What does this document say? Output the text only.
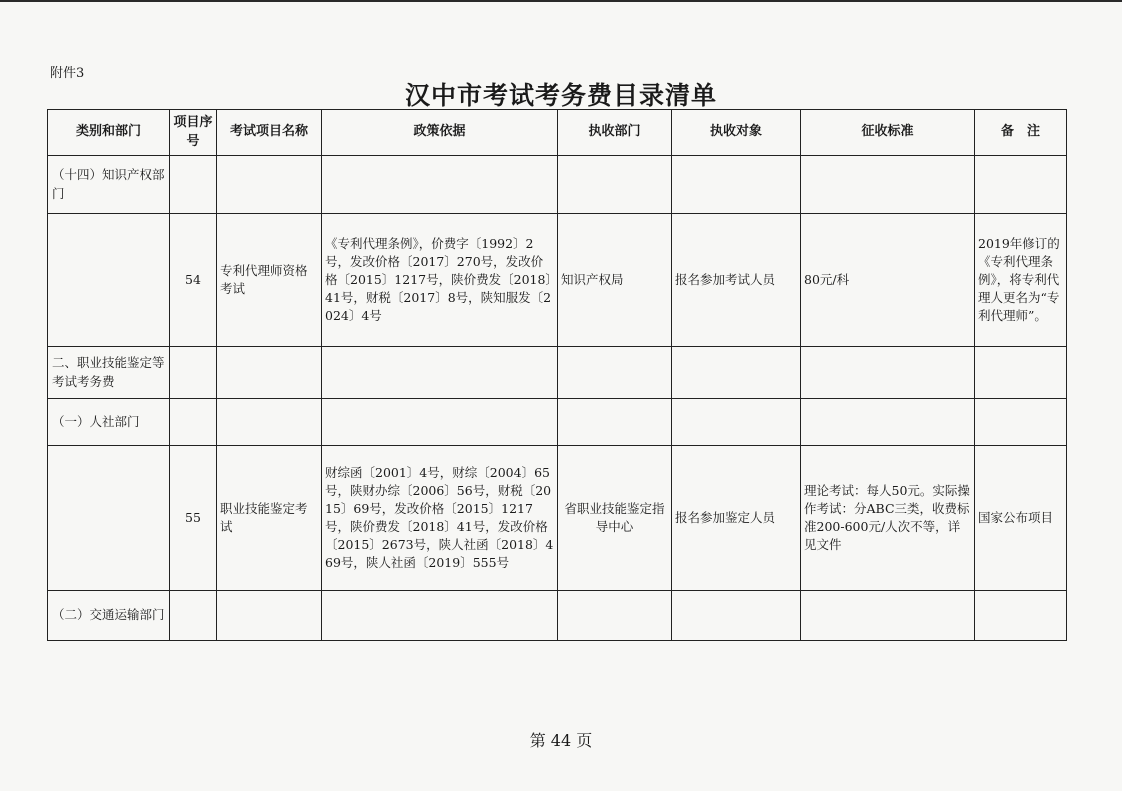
附件3
汉中市考试考务费目录清单
类别和部门	项目序号	考试项目名称	政策依据	执收部门	执收对象	征收标准	备　注
（十四）知识产权部门							
	54	专利代理师资格考试	《专利代理条例》，价费字〔1992〕2号，发改价格〔2017〕270号，发改价格〔2015〕1217号，陕价费发〔2018〕41号，财税〔2017〕8号，陕知服发〔2024〕4号	知识产权局	报名参加考试人员	80元/科	2019年修订的《专利代理条例》，将专利代理人更名为“专利代理师”。
二、职业技能鉴定等考试考务费							
（一）人社部门							
	55	职业技能鉴定考试	财综函〔2001〕4号，财综〔2004〕65号，陕财办综〔2006〕56号，财税〔2015〕69号，发改价格〔2015〕1217号，陕价费发〔2018〕41号，发改价格〔2015〕2673号，陕人社函〔2018〕469号，陕人社函〔2019〕555号	省职业技能鉴定指导中心	报名参加鉴定人员	理论考试：每人50元。实际操作考试：分ABC三类，收费标准200-600元/人次不等，详见文件	国家公布项目
（二）交通运输部门							
第 44 页
